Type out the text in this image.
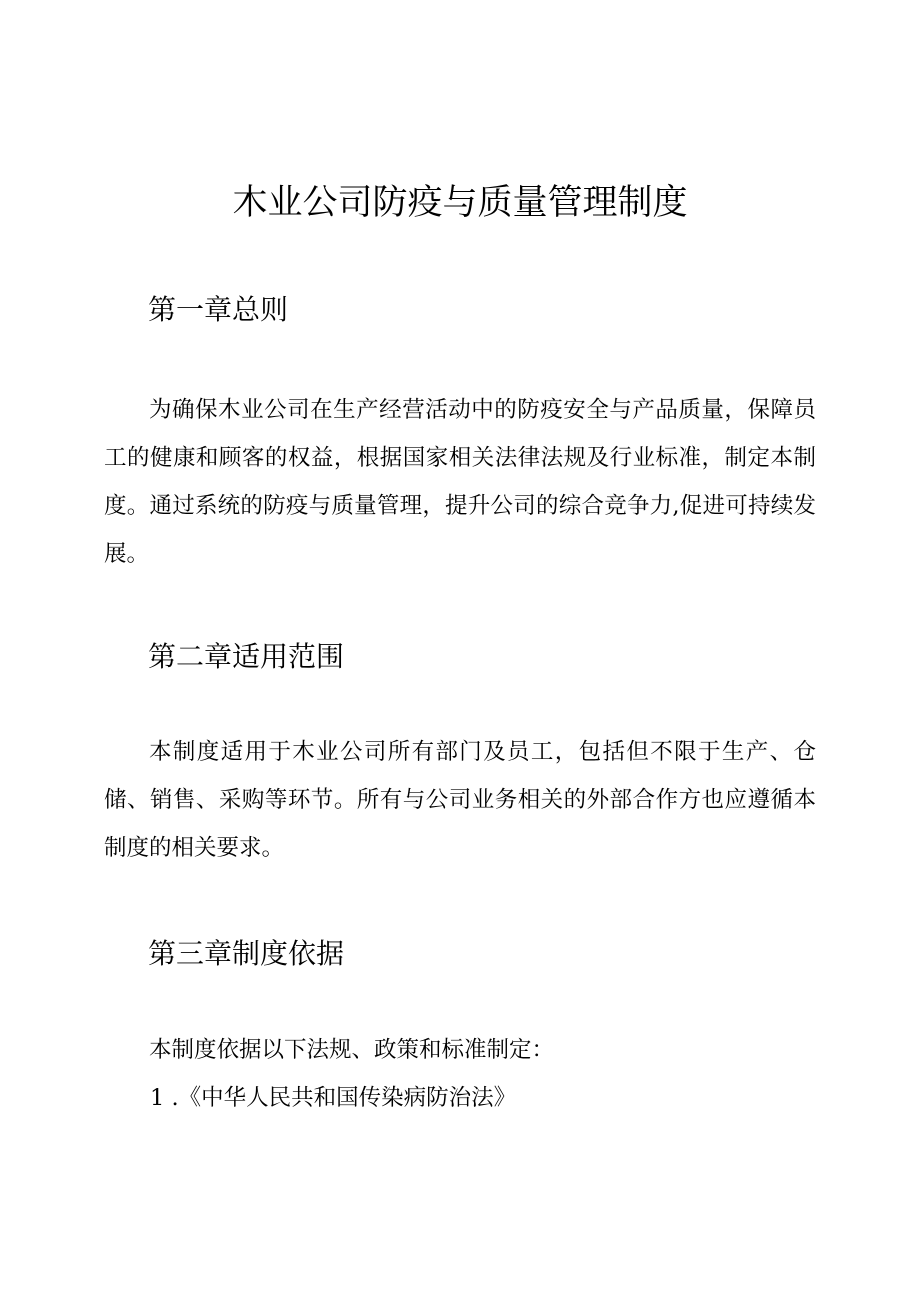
木业公司防疫与质量管理制度
第一章总则

为确保木业公司在生产经营活动中的防疫安全与产品质量，保障员工的健康和顾客的权益，根据国家相关法律法规及行业标准，制定本制度。通过系统的防疫与质量管理，提升公司的综合竞争力,促进可持续发展。

第二章适用范围

本制度适用于木业公司所有部门及员工，包括但不限于生产、仓储、销售、采购等环节。所有与公司业务相关的外部合作方也应遵循本制度的相关要求。

第三章制度依据

本制度依据以下法规、政策和标准制定：

1 .《中华人民共和国传染病防治法》
